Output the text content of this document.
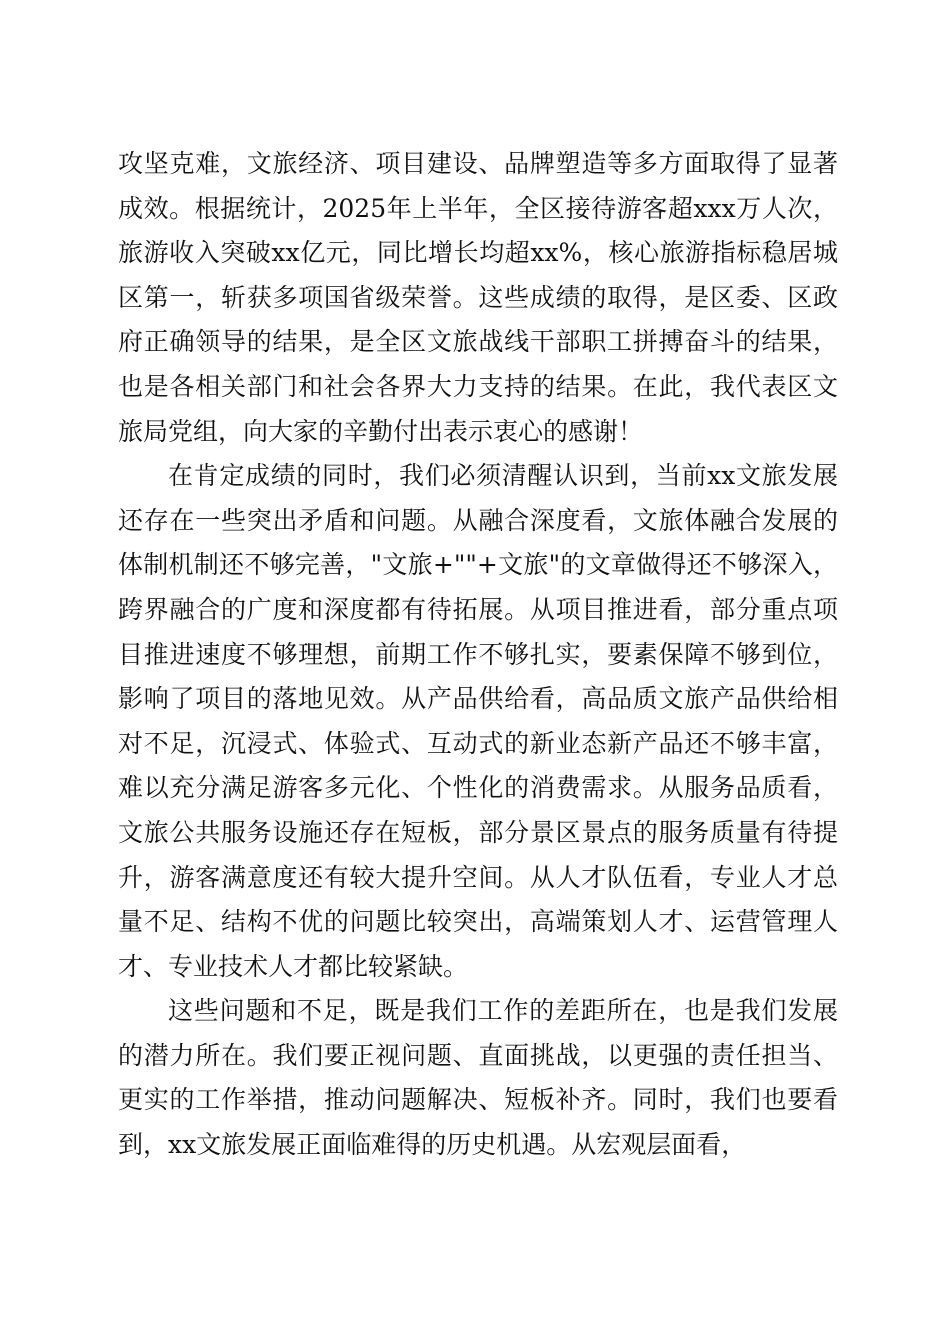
攻坚克难，文旅经济、项目建设、品牌塑造等多方面取得了显著成效。根据统计，2025年上半年，全区接待游客超xxx万人次，旅游收入突破xx亿元，同比增长均超xx%，核心旅游指标稳居城区第一，斩获多项国省级荣誉。这些成绩的取得，是区委、区政府正确领导的结果，是全区文旅战线干部职工拼搏奋斗的结果，也是各相关部门和社会各界大力支持的结果。在此，我代表区文旅局党组，向大家的辛勤付出表示衷心的感谢！

在肯定成绩的同时，我们必须清醒认识到，当前xx文旅发展还存在一些突出矛盾和问题。从融合深度看，文旅体融合发展的体制机制还不够完善，"文旅+""+文旅"的文章做得还不够深入，跨界融合的广度和深度都有待拓展。从项目推进看，部分重点项目推进速度不够理想，前期工作不够扎实，要素保障不够到位，影响了项目的落地见效。从产品供给看，高品质文旅产品供给相对不足，沉浸式、体验式、互动式的新业态新产品还不够丰富，难以充分满足游客多元化、个性化的消费需求。从服务品质看，文旅公共服务设施还存在短板，部分景区景点的服务质量有待提升，游客满意度还有较大提升空间。从人才队伍看，专业人才总量不足、结构不优的问题比较突出，高端策划人才、运营管理人才、专业技术人才都比较紧缺。

这些问题和不足，既是我们工作的差距所在，也是我们发展的潜力所在。我们要正视问题、直面挑战，以更强的责任担当、更实的工作举措，推动问题解决、短板补齐。同时，我们也要看到，xx文旅发展正面临难得的历史机遇。从宏观层面看，
